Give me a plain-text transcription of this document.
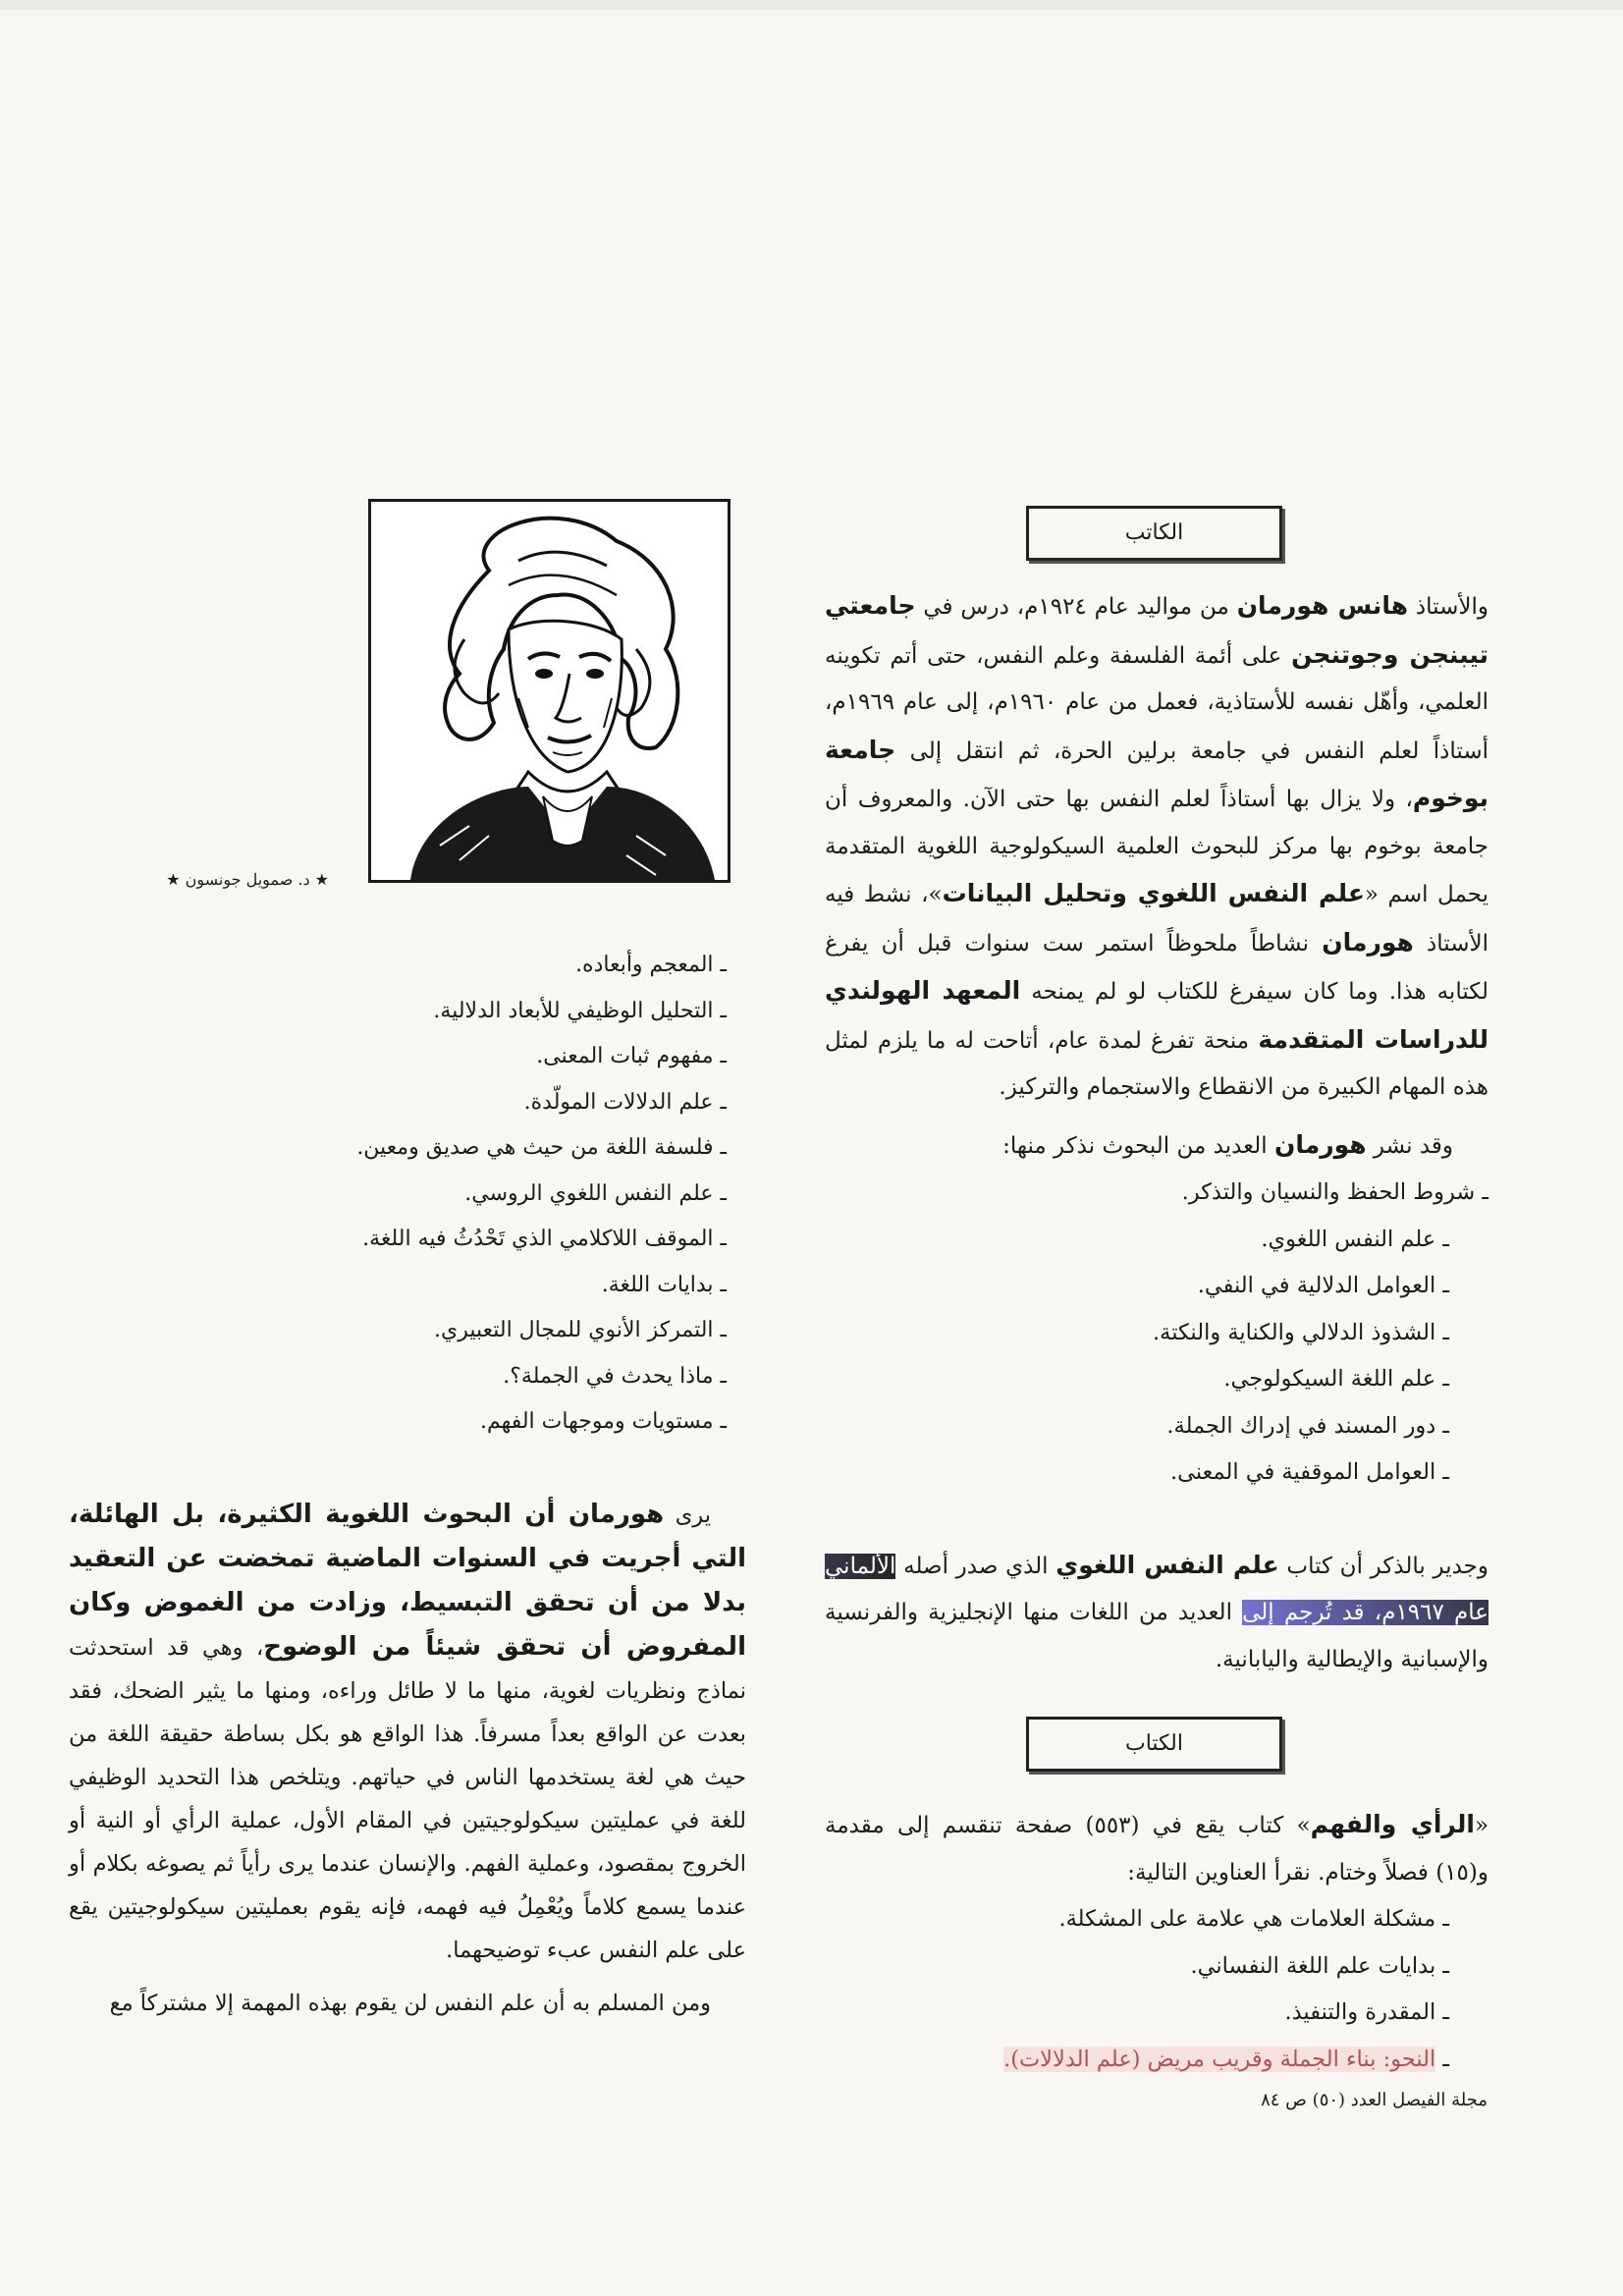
الكاتب

والأستاذ هانس هورمان من مواليد عام ١٩٢٤م، درس في جامعتي تيبنجن وجوتنجن على أئمة الفلسفة وعلم النفس، حتى أتم تكوينه العلمي، وأهّل نفسه للأستاذية، فعمل من عام ١٩٦٠م، إلى عام ١٩٦٩م، أستاذاً لعلم النفس في جامعة برلين الحرة، ثم انتقل إلى جامعة بوخوم، ولا يزال بها أستاذاً لعلم النفس بها حتى الآن. والمعروف أن جامعة بوخوم بها مركز للبحوث العلمية السيكولوجية اللغوية المتقدمة يحمل اسم «علم النفس اللغوي وتحليل البيانات»، نشط فيه الأستاذ هورمان نشاطاً ملحوظاً استمر ست سنوات قبل أن يفرغ لكتابه هذا. وما كان سيفرغ للكتاب لو لم يمنحه المعهد الهولندي للدراسات المتقدمة منحة تفرغ لمدة عام، أتاحت له ما يلزم لمثل هذه المهام الكبيرة من الانقطاع والاستجمام والتركيز.

وقد نشر هورمان العديد من البحوث نذكر منها:

ـ شروط الحفظ والنسيان والتذكر.
ـ علم النفس اللغوي.
ـ العوامل الدلالية في النفي.
ـ الشذوذ الدلالي والكناية والنكتة.
ـ علم اللغة السيكولوجي.
ـ دور المسند في إدراك الجملة.
ـ العوامل الموقفية في المعنى.

وجدير بالذكر أن كتاب علم النفس اللغوي الذي صدر أصله الألماني عام ١٩٦٧م، قد تُرجم إلى العديد من اللغات منها الإنجليزية والفرنسية والإسبانية والإيطالية واليابانية.

الكتاب

«الرأي والفهم» كتاب يقع في (٥٥٣) صفحة تنقسم إلى مقدمة و(١٥) فصلاً وختام. نقرأ العناوين التالية:

ـ مشكلة العلامات هي علامة على المشكلة.
ـ بدايات علم اللغة النفساني.
ـ المقدرة والتنفيذ.
ـ النحو: بناء الجملة وقريب مريض (علم الدلالات).
★ د. صمويل جونسون ★
ـ المعجم وأبعاده.
ـ التحليل الوظيفي للأبعاد الدلالية.
ـ مفهوم ثبات المعنى.
ـ علم الدلالات المولّدة.
ـ فلسفة اللغة من حيث هي صديق ومعين.
ـ علم النفس اللغوي الروسي.
ـ الموقف اللاكلامي الذي تَحْدُثُ فيه اللغة.
ـ بدايات اللغة.
ـ التمركز الأنوي للمجال التعبيري.
ـ ماذا يحدث في الجملة؟.
ـ مستويات وموجهات الفهم.

يرى هورمان أن البحوث اللغوية الكثيرة، بل الهائلة، التي أجريت في السنوات الماضية تمخضت عن التعقيد بدلا من أن تحقق التبسيط، وزادت من الغموض وكان المفروض أن تحقق شيئاً من الوضوح، وهي قد استحدثت نماذج ونظريات لغوية، منها ما لا طائل وراءه، ومنها ما يثير الضحك، فقد بعدت عن الواقع بعداً مسرفاً. هذا الواقع هو بكل بساطة حقيقة اللغة من حيث هي لغة يستخدمها الناس في حياتهم. ويتلخص هذا التحديد الوظيفي للغة في عمليتين سيكولوجيتين في المقام الأول، عملية الرأي أو النية أو الخروج بمقصود، وعملية الفهم. والإنسان عندما يرى رأياً ثم يصوغه بكلام أو عندما يسمع كلاماً ويُعْمِلُ فيه فهمه، فإنه يقوم بعمليتين سيكولوجيتين يقع على علم النفس عبء توضيحهما.

ومن المسلم به أن علم النفس لن يقوم بهذه المهمة إلا مشتركاً مع

مجلة الفيصل العدد (٥٠) ص ٨٤
